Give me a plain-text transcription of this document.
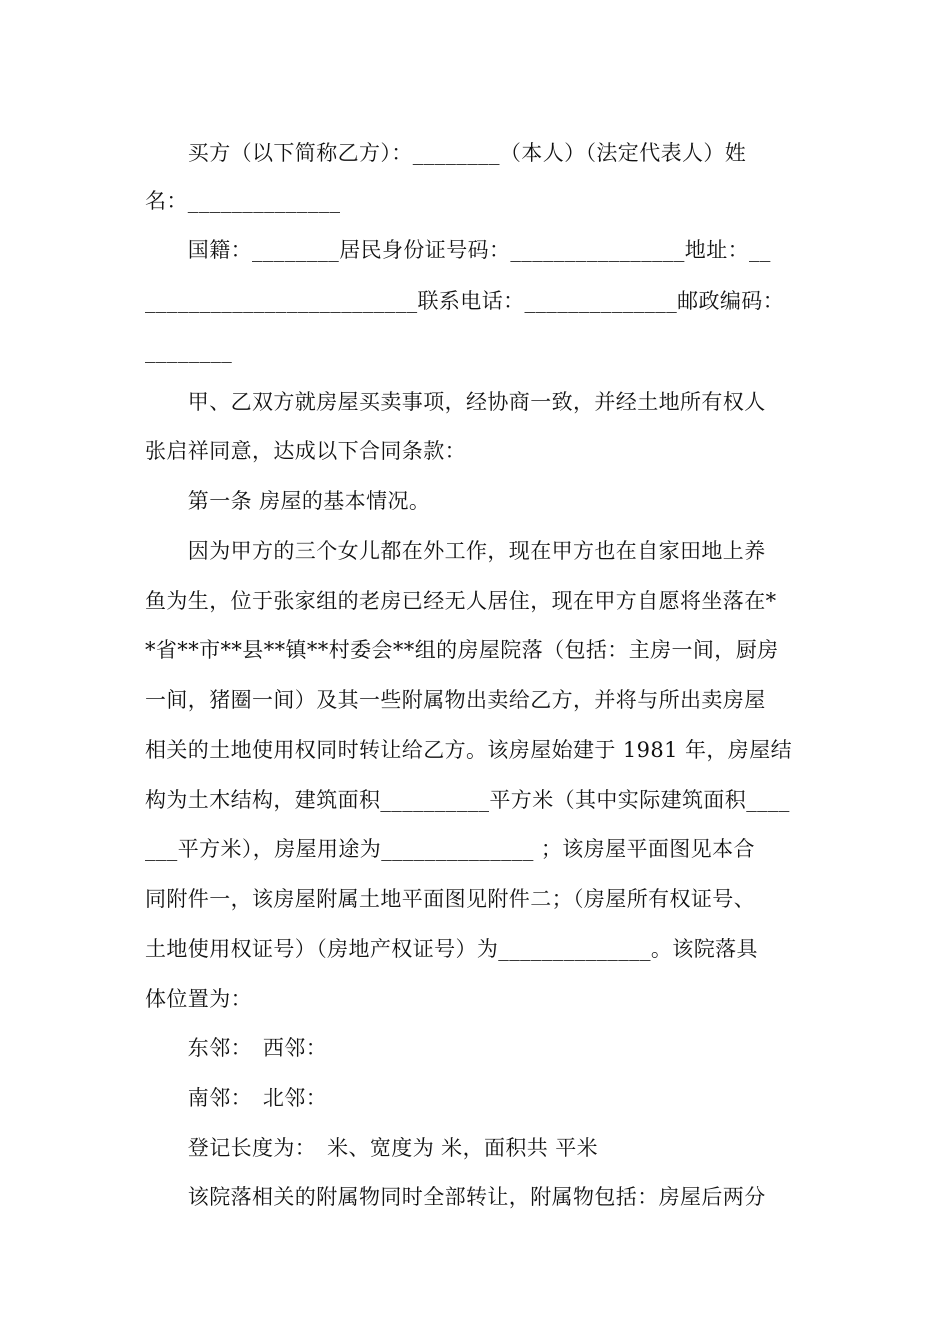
　　买方（以下简称乙方）：________（本人）（法定代表人）姓
名：______________
　　国籍：________居民身份证号码：________________地址：__
_________________________联系电话：______________邮政编码：
________
　　甲、乙双方就房屋买卖事项，经协商一致，并经土地所有权人
张启祥同意，达成以下合同条款：
　　第一条 房屋的基本情况。
　　因为甲方的三个女儿都在外工作，现在甲方也在自家田地上养
鱼为生，位于张家组的老房已经无人居住，现在甲方自愿将坐落在*
*省**市**县**镇**村委会**组的房屋院落（包括：主房一间，厨房
一间，猪圈一间）及其一些附属物出卖给乙方，并将与所出卖房屋
相关的土地使用权同时转让给乙方。该房屋始建于 1981 年，房屋结
构为土木结构，建筑面积__________平方米（其中实际建筑面积____
___平方米），房屋用途为______________ ；该房屋平面图见本合
同附件一，该房屋附属土地平面图见附件二；（房屋所有权证号、
土地使用权证号）（房地产权证号）为______________。该院落具
体位置为：
　　东邻：　西邻：
　　南邻：　北邻：
　　登记长度为：　米、宽度为 米，面积共 平米
　　该院落相关的附属物同时全部转让，附属物包括：房屋后两分
